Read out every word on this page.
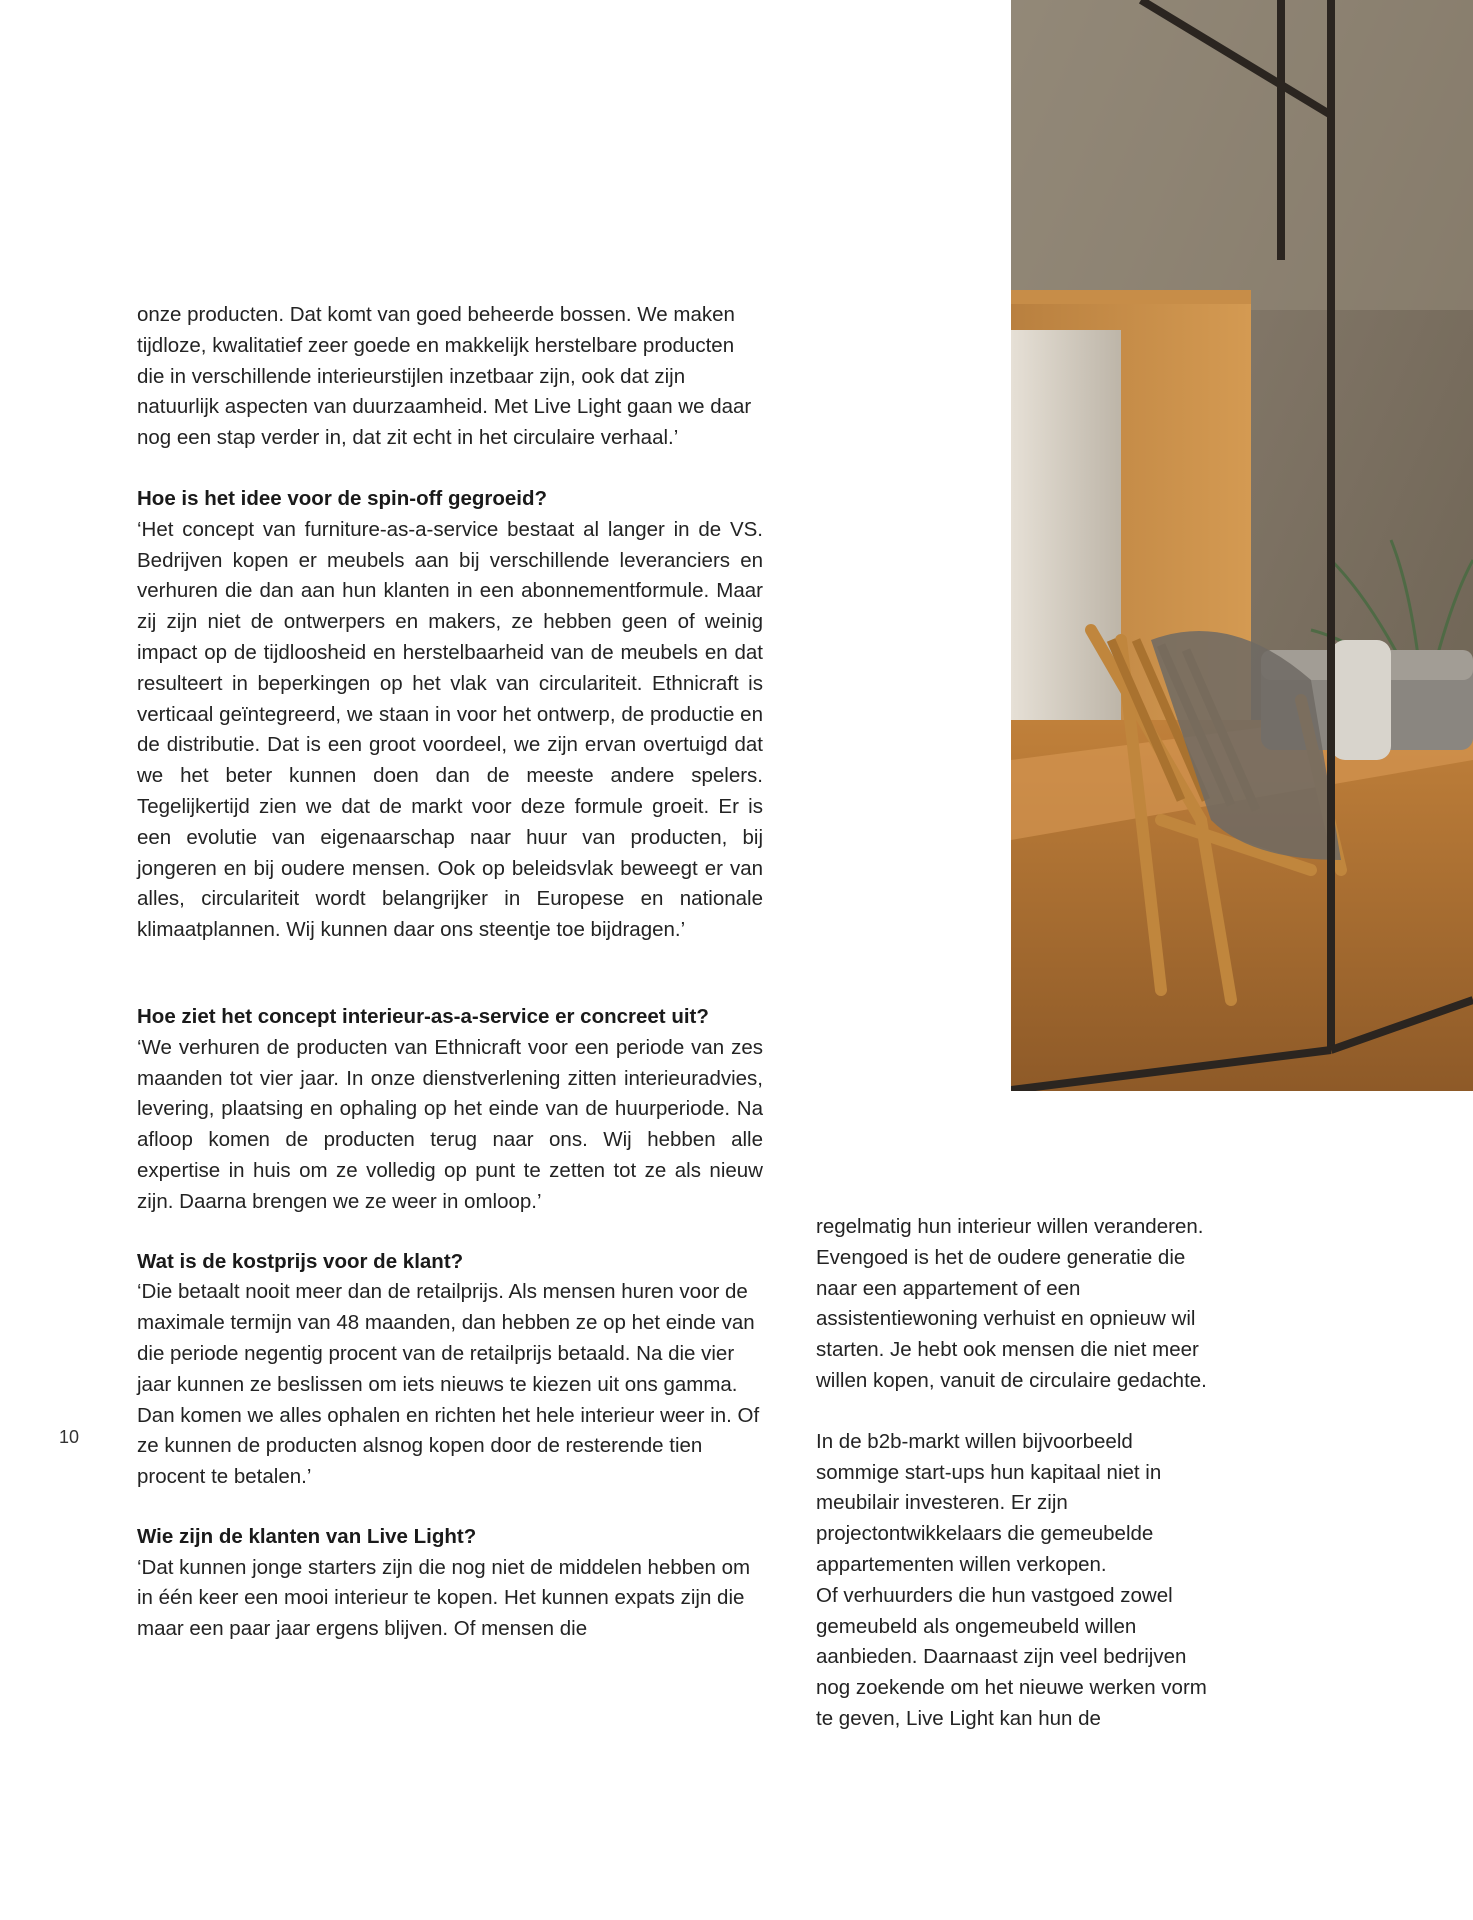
onze producten. Dat komt van goed beheerde bossen. We maken tijdloze, kwalitatief zeer goede en makkelijk herstelbare producten die in verschillende interieurstijlen inzetbaar zijn, ook dat zijn natuurlijk aspecten van duurzaamheid. Met Live Light gaan we daar nog een stap verder in, dat zit echt in het circulaire verhaal.’

Hoe is het idee voor de spin-off gegroeid?

‘Het concept van furniture-as-a-service bestaat al langer in de VS. Bedrijven kopen er meubels aan bij verschillende leveranciers en verhuren die dan aan hun klanten in een abonnementformule. Maar zij zijn niet de ontwerpers en makers, ze hebben geen of weinig impact op de tijdloosheid en herstelbaarheid van de meubels en dat resulteert in beperkingen op het vlak van circulariteit. Ethnicraft is verticaal geïntegreerd, we staan in voor het ontwerp, de productie en de distributie. Dat is een groot voordeel, we zijn ervan overtuigd dat we het beter kunnen doen dan de meeste andere spelers. Tegelijkertijd zien we dat de markt voor deze formule groeit. Er is een evolutie van eigenaarschap naar huur van producten, bij jongeren en bij oudere mensen. Ook op beleidsvlak beweegt er van alles, circulariteit wordt belangrijker in Europese en nationale klimaatplannen. Wij kunnen daar ons steentje toe bijdragen.’

Hoe ziet het concept interieur-as-a-service er concreet uit?

‘We verhuren de producten van Ethnicraft voor een periode van zes maanden tot vier jaar. In onze dienstverlening zitten interieuradvies, levering, plaatsing en ophaling op het einde van de huurperiode. Na afloop komen de producten terug naar ons. Wij hebben alle expertise in huis om ze volledig op punt te zetten tot ze als nieuw zijn. Daarna brengen we ze weer in omloop.’

Wat is de kostprijs voor de klant?

‘Die betaalt nooit meer dan de retailprijs. Als mensen huren voor de maximale termijn van 48 maanden, dan hebben ze op het einde van die periode negentig procent van de retailprijs betaald. Na die vier jaar kunnen ze beslissen om iets nieuws te kiezen uit ons gamma. Dan komen we alles ophalen en richten het hele interieur weer in. Of ze kunnen de producten alsnog kopen door de resterende tien procent te betalen.’

Wie zijn de klanten van Live Light?

‘Dat kunnen jonge starters zijn die nog niet de middelen hebben om in één keer een mooi interieur te kopen. Het kunnen expats zijn die maar een paar jaar ergens blijven. Of mensen die

regelmatig hun interieur willen veranderen. Evengoed is het de oudere generatie die naar een appartement of een assistentiewoning verhuist en opnieuw wil starten. Je hebt ook mensen die niet meer willen kopen, vanuit de circulaire gedachte.

In de b2b-markt willen bijvoorbeeld sommige start-ups hun kapitaal niet in meubilair investeren. Er zijn projectontwikkelaars die gemeubelde appartementen willen verkopen.

Of verhuurders die hun vastgoed zowel gemeubeld als ongemeubeld willen aanbieden. Daarnaast zijn veel bedrijven nog zoekende om het nieuwe werken vorm te geven, Live Light kan hun de

10
